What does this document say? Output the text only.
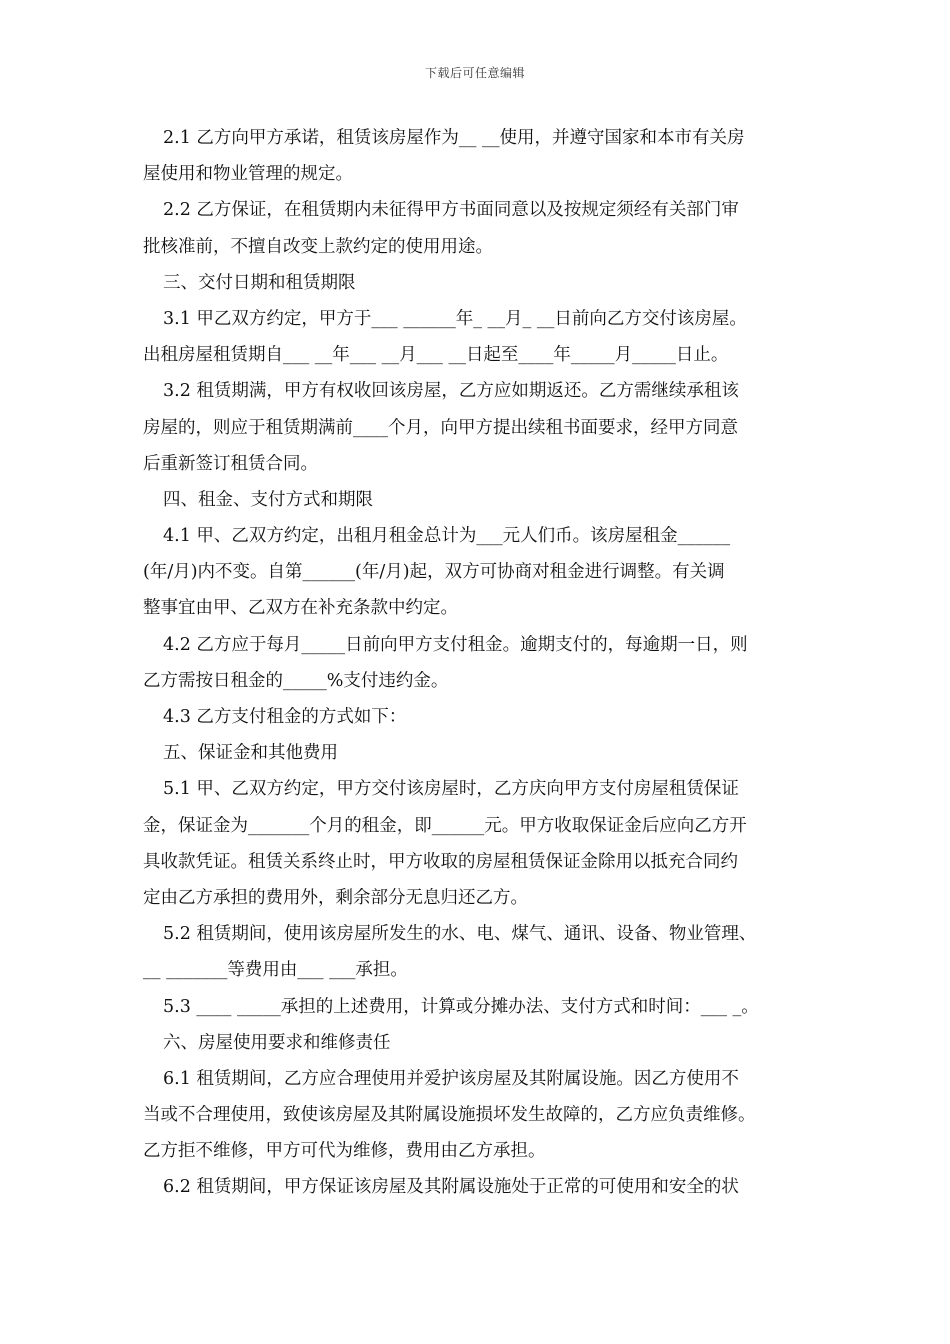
下载后可任意编辑
2.1 乙方向甲方承诺，租赁该房屋作为__ __使用，并遵守国家和本市有关房
屋使用和物业管理的规定。
2.2 乙方保证，在租赁期内未征得甲方书面同意以及按规定须经有关部门审
批核准前，不擅自改变上款约定的使用用途。
三、交付日期和租赁期限
3.1 甲乙双方约定，甲方于___ ______年_ __月_ __日前向乙方交付该房屋。
出租房屋租赁期自___ __年___ __月___ __日起至____年_____月_____日止。
3.2 租赁期满，甲方有权收回该房屋，乙方应如期返还。乙方需继续承租该
房屋的，则应于租赁期满前____个月，向甲方提出续租书面要求，经甲方同意
后重新签订租赁合同。
四、租金、支付方式和期限
4.1 甲、乙双方约定，出租月租金总计为___元人们币。该房屋租金______
(年/月)内不变。自第______(年/月)起，双方可协商对租金进行调整。有关调
整事宜由甲、乙双方在补充条款中约定。
4.2 乙方应于每月_____日前向甲方支付租金。逾期支付的，每逾期一日，则
乙方需按日租金的_____%支付违约金。
4.3 乙方支付租金的方式如下：
五、保证金和其他费用
5.1 甲、乙双方约定，甲方交付该房屋时，乙方庆向甲方支付房屋租赁保证
金，保证金为_______个月的租金，即______元。甲方收取保证金后应向乙方开
具收款凭证。租赁关系终止时，甲方收取的房屋租赁保证金除用以抵充合同约
定由乙方承担的费用外，剩余部分无息归还乙方。
5.2 租赁期间，使用该房屋所发生的水、电、煤气、通讯、设备、物业管理、
__ _______等费用由___ ___承担。
5.3 ____ _____承担的上述费用，计算或分摊办法、支付方式和时间：___ _。
六、房屋使用要求和维修责任
6.1 租赁期间，乙方应合理使用并爱护该房屋及其附属设施。因乙方使用不
当或不合理使用，致使该房屋及其附属设施损坏发生故障的，乙方应负责维修。
乙方拒不维修，甲方可代为维修，费用由乙方承担。
6.2 租赁期间，甲方保证该房屋及其附属设施处于正常的可使用和安全的状
